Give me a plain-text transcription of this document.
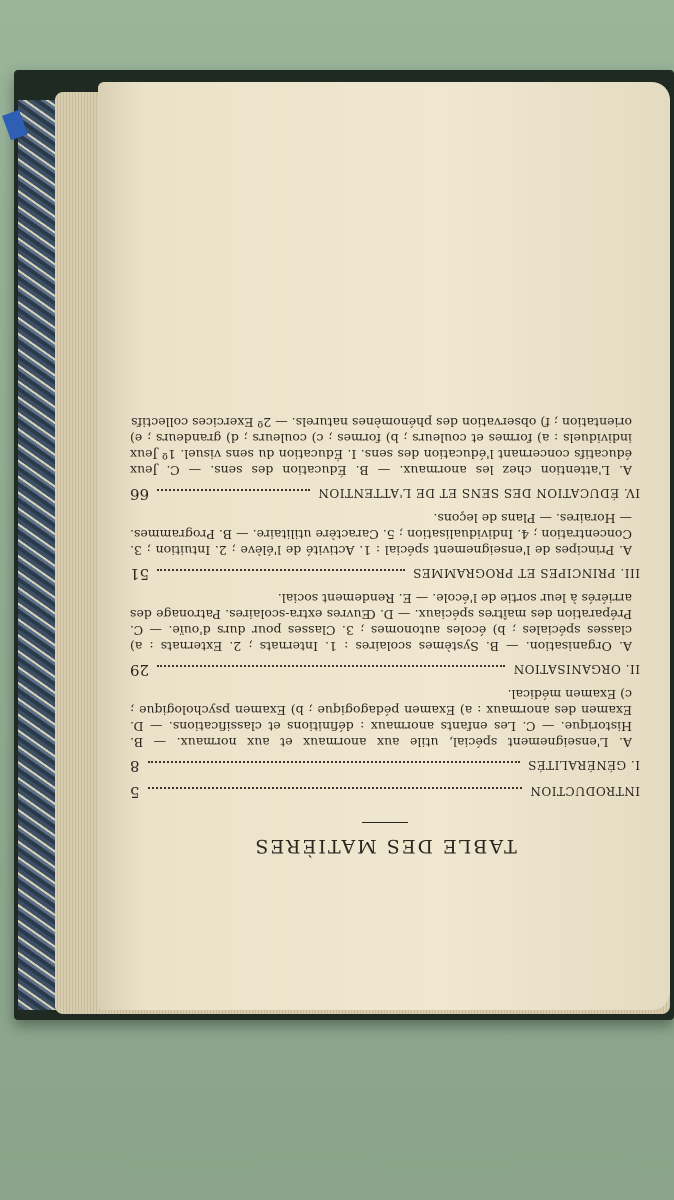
TABLE DES MATIÈRES
INTRODUCTION
5
I. GÉNÉRALITÉS
8

A. L'enseignement spécial, utile aux anormaux et aux normaux. — B. Historique. — C. Les enfants anormaux : définitions et classifications. — D. Examen des anormaux : a) Examen pédagogique ; b) Examen psychologique ; c) Examen médical.

II. ORGANISATION
29

A. Organisation. — B. Systèmes scolaires : 1. Internats ; 2. Externats : a) classes spéciales ; b) écoles autonomes ; 3. Classes pour durs d'ouïe. — C. Préparation des maîtres spéciaux. — D. Œuvres extra-scolaires. Patronage des arriérés à leur sortie de l'école. — E. Rendement social.

III. PRINCIPES ET PROGRAMMES
51

A. Principes de l'enseignement spécial : 1. Activité de l'élève ; 2. Intuition ; 3. Concentration ; 4. Individualisation ; 5. Caractère utilitaire. — B. Programmes. — Horaires. — Plans de leçons.

IV. ÉDUCATION DES SENS ET DE L'ATTENTION
66

A. L'attention chez les anormaux. — B. Éducation des sens. — C. Jeux éducatifs concernant l'éducation des sens. I. Éducation du sens visuel. 1º Jeux individuels : a) formes et couleurs ; b) formes ; c) couleurs ; d) grandeurs ; e) orientation ; f) observation des phénomènes naturels. — 2º Exercices collectifs
